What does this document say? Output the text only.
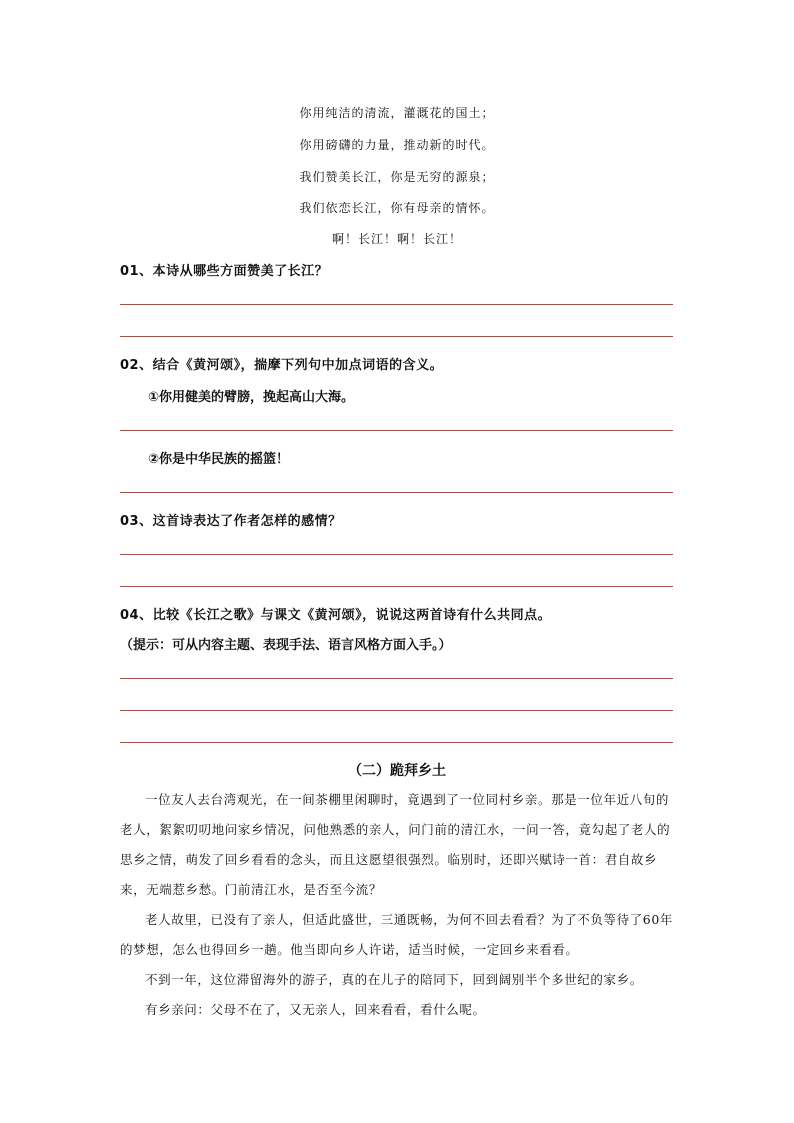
你用纯洁的清流，灌溉花的国土；
你用磅礴的力量，推动新的时代。
我们赞美长江，你是无穷的源泉；
我们依恋长江，你有母亲的情怀。
啊！长江！啊！长江！
01、本诗从哪些方面赞美了长江？
02、结合《黄河颂》，揣摩下列句中加点词语的含义。
①你用健美的臂膀，挽起高山大海。
②你是中华民族的摇篮！
03、这首诗表达了作者怎样的感情？
04、比较《长江之歌》与课文《黄河颂》，说说这两首诗有什么共同点。
（提示：可从内容主题、表现手法、语言风格方面入手。）
（二）跪拜乡土

一位友人去台湾观光，在一间茶棚里闲聊时，竟遇到了一位同村乡亲。那是一位年近八旬的老人，絮絮叨叨地问家乡情况，问他熟悉的亲人，问门前的清江水，一问一答，竟勾起了老人的思乡之情，萌发了回乡看看的念头，而且这愿望很强烈。临别时，还即兴赋诗一首：君自故乡来，无端惹乡愁。门前清江水，是否至今流？

老人故里，已没有了亲人，但适此盛世，三通既畅，为何不回去看看？为了不负等待了60年的梦想，怎么也得回乡一趟。他当即向乡人许诺，适当时候，一定回乡来看看。

不到一年，这位滞留海外的游子，真的在儿子的陪同下，回到阔别半个多世纪的家乡。

有乡亲问：父母不在了，又无亲人，回来看看，看什么呢。
